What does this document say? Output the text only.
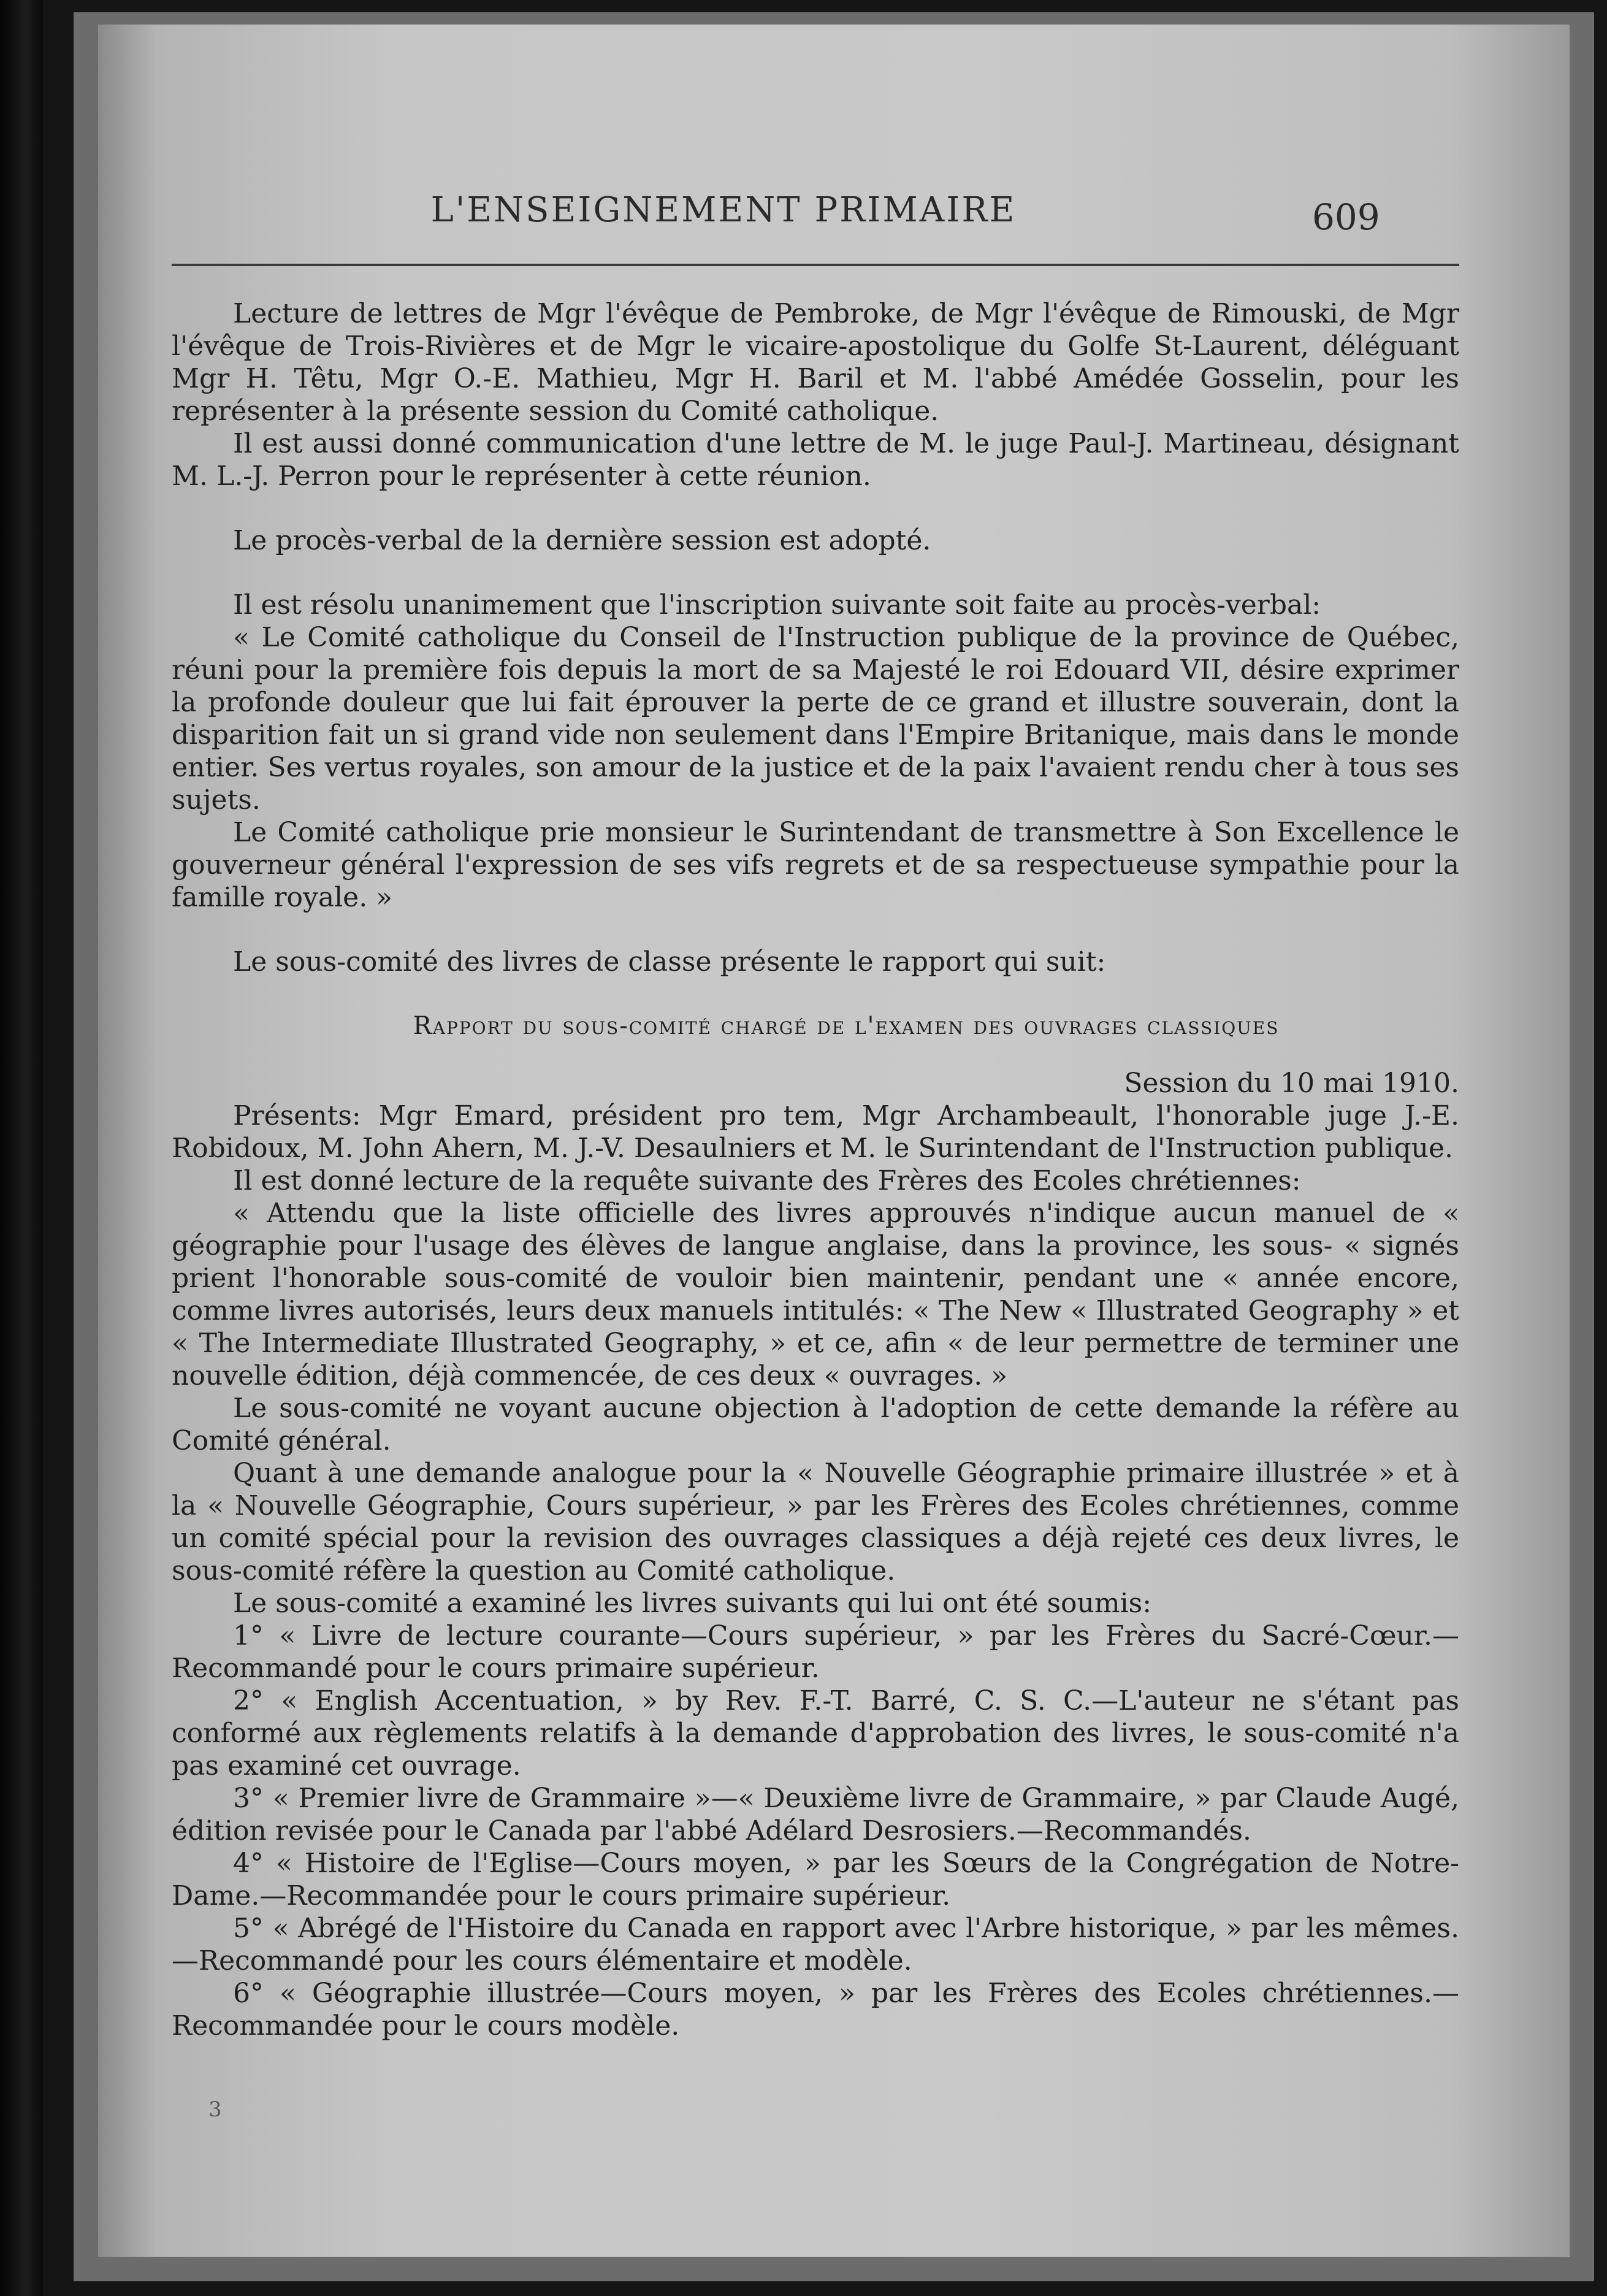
L'ENSEIGNEMENT PRIMAIRE	609

Lecture de lettres de Mgr l'évêque de Pembroke, de Mgr l'évêque de Rimouski, de Mgr l'évêque de Trois-Rivières et de Mgr le vicaire-apostolique du Golfe St-Laurent, déléguant Mgr H. Têtu, Mgr O.-E. Mathieu, Mgr H. Baril et M. l'abbé Amédée Gosselin, pour les représenter à la présente session du Comité catholique.

Il est aussi donné communication d'une lettre de M. le juge Paul-J. Martineau, désignant M. L.-J. Perron pour le représenter à cette réunion.

Le procès-verbal de la dernière session est adopté.

Il est résolu unanimement que l'inscription suivante soit faite au procès-verbal:

« Le Comité catholique du Conseil de l'Instruction publique de la province de Québec, réuni pour la première fois depuis la mort de sa Majesté le roi Edouard VII, désire exprimer la profonde douleur que lui fait éprouver la perte de ce grand et illustre souverain, dont la disparition fait un si grand vide non seulement dans l'Empire Britanique, mais dans le monde entier. Ses vertus royales, son amour de la justice et de la paix l'avaient rendu cher à tous ses sujets.

Le Comité catholique prie monsieur le Surintendant de transmettre à Son Excellence le gouverneur général l'expression de ses vifs regrets et de sa respectueuse sympathie pour la famille royale. »

Le sous-comité des livres de classe présente le rapport qui suit:

Rapport du sous-comité chargé de l'examen des ouvrages classiques

Session du 10 mai 1910.

Présents: Mgr Emard, président pro tem, Mgr Archambeault, l'honorable juge J.-E. Robidoux, M. John Ahern, M. J.-V. Desaulniers et M. le Surintendant de l'Instruction publique.

Il est donné lecture de la requête suivante des Frères des Ecoles chrétiennes:

« Attendu que la liste officielle des livres approuvés n'indique aucun manuel de « géographie pour l'usage des élèves de langue anglaise, dans la province, les sous- « signés prient l'honorable sous-comité de vouloir bien maintenir, pendant une « année encore, comme livres autorisés, leurs deux manuels intitulés: « The New « Illustrated Geography » et « The Intermediate Illustrated Geography, » et ce, afin « de leur permettre de terminer une nouvelle édition, déjà commencée, de ces deux « ouvrages. »

Le sous-comité ne voyant aucune objection à l'adoption de cette demande la réfère au Comité général.

Quant à une demande analogue pour la « Nouvelle Géographie primaire illustrée » et à la « Nouvelle Géographie, Cours supérieur, » par les Frères des Ecoles chrétiennes, comme un comité spécial pour la revision des ouvrages classiques a déjà rejeté ces deux livres, le sous-comité réfère la question au Comité catholique.

Le sous-comité a examiné les livres suivants qui lui ont été soumis:

1° « Livre de lecture courante—Cours supérieur, » par les Frères du Sacré-Cœur.—Recommandé pour le cours primaire supérieur.

2° « English Accentuation, » by Rev. F.-T. Barré, C. S. C.—L'auteur ne s'étant pas conformé aux règlements relatifs à la demande d'approbation des livres, le sous-comité n'a pas examiné cet ouvrage.

3° « Premier livre de Grammaire »—« Deuxième livre de Grammaire, » par Claude Augé, édition revisée pour le Canada par l'abbé Adélard Desrosiers.—Recommandés.

4° « Histoire de l'Eglise—Cours moyen, » par les Sœurs de la Congrégation de Notre-Dame.—Recommandée pour le cours primaire supérieur.

5° « Abrégé de l'Histoire du Canada en rapport avec l'Arbre historique, » par les mêmes.—Recommandé pour les cours élémentaire et modèle.

6° « Géographie illustrée—Cours moyen, » par les Frères des Ecoles chrétiennes.—Recommandée pour le cours modèle.

3
